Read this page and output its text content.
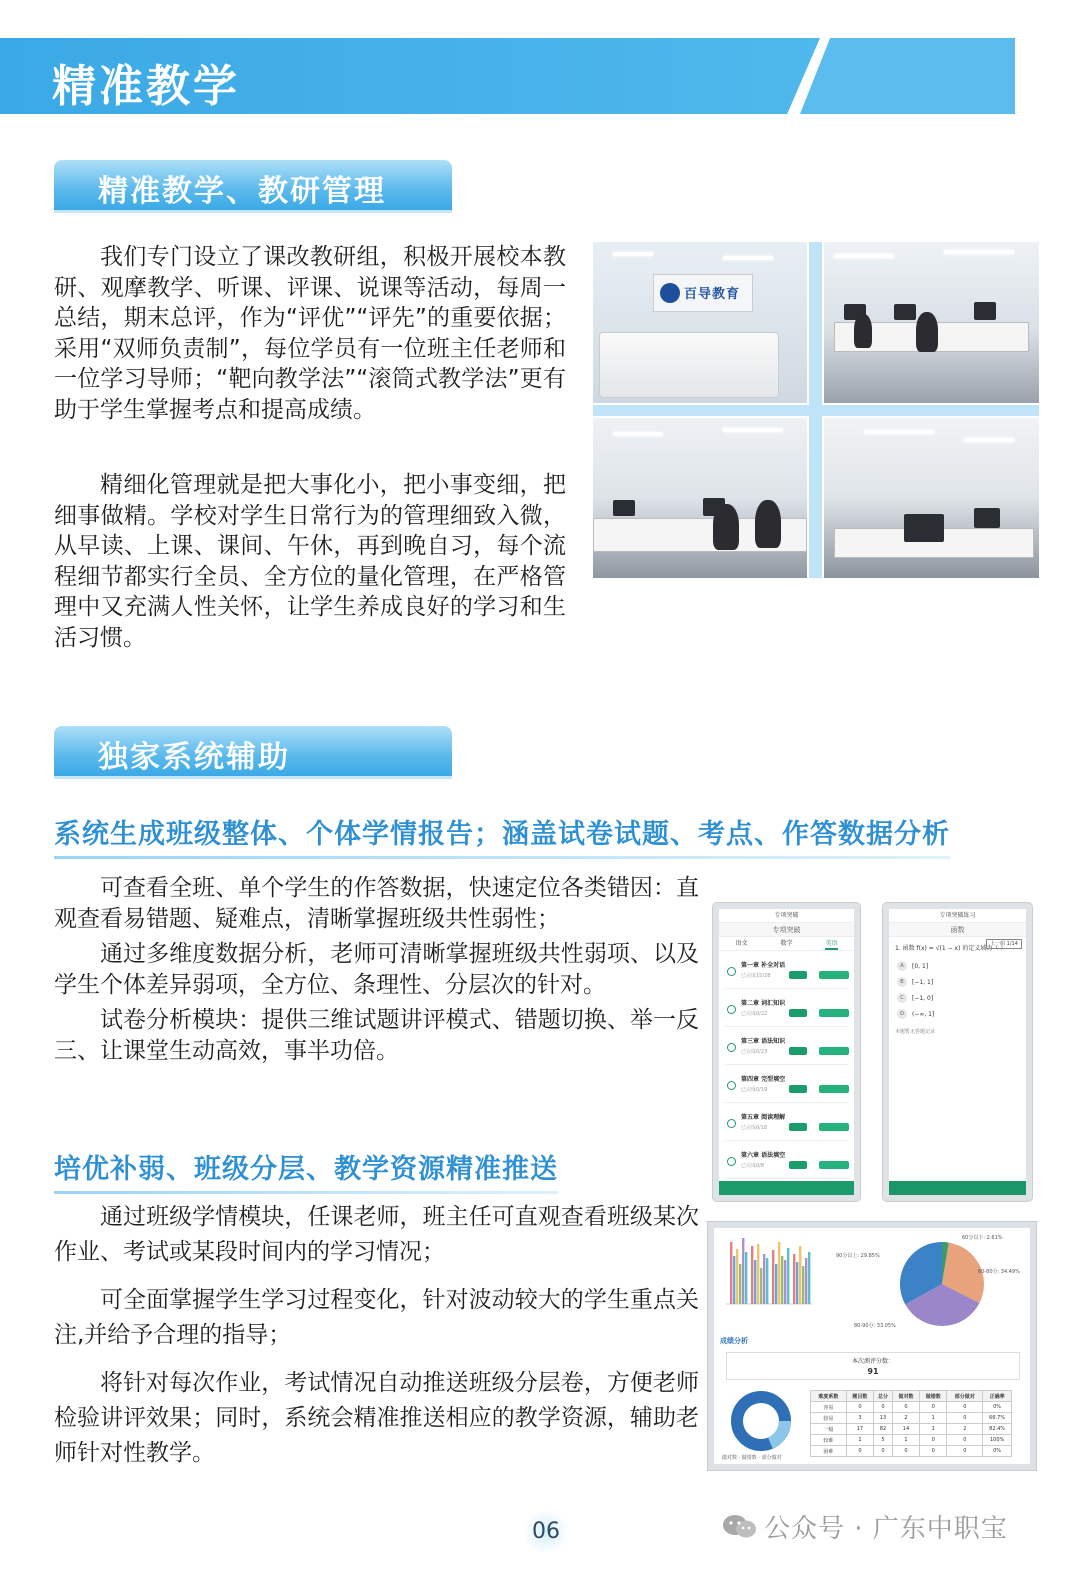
精准教学
精准教学、教研管理

我们专门设立了课改教研组，积极开展校本教研、观摩教学、听课、评课、说课等活动，每周一总结，期末总评，作为“评优”“评先”的重要依据；采用“双师负责制”，每位学员有一位班主任老师和一位学习导师；“靶向教学法”“滚筒式教学法”更有助于学生掌握考点和提高成绩。

精细化管理就是把大事化小，把小事变细，把细事做精。学校对学生日常行为的管理细致入微，从早读、上课、课间、午休，再到晚自习，每个流程细节都实行全员、全方位的量化管理，在严格管理中又充满人性关怀，让学生养成良好的学习和生活习惯。

百导教育
独家系统辅助
系统生成班级整体、个体学情报告；涵盖试卷试题、考点、作答数据分析

可查看全班、单个学生的作答数据，快速定位各类错因：直观查看易错题、疑难点，清晰掌握班级共性弱性；

通过多维度数据分析，老师可清晰掌握班级共性弱项、以及学生个体差异弱项，全方位、条理性、分层次的针对。

试卷分析模块：提供三维试题讲评模式、错题切换、举一反三、让课堂生动高效，事半功倍。

培优补弱、班级分层、教学资源精准推送

通过班级学情模块，任课老师，班主任可直观查看班级某次作业、考试或某段时间内的学习情况；

可全面掌握学生学习过程变化，针对波动较大的学生重点关注,并给予合理的指导；

将针对每次作业，考试情况自动推送班级分层卷，方便老师检验讲评效果；同时，系统会精准推送相应的教学资源，辅助老师针对性教学。

专项突破
专项突破
语文	数学	英语
第一章 补全对话
已完成15/28
第二章 词汇知识
已完成0/22
第三章 语法知识
已完成0/23
第四章 完型填空
已完成0/19
第五章 阅读理解
已完成0/18
第六章 语法填空
已完成0/8
专项突破练习
函数
上一组 1/14
1. 函数 f(x) = √(1 − x) 的定义域为（ ）
A	[0, 1]
B	[−1, 1]
C	[−1, 0]
D	(−∞, 1]
本题暂无答题记录
60分以下: 2.61%
90分以上: 29.85%
60-80分: 34.49%
80-90分: 33.05%
成绩分析
本次测评分数：
91
做对数 · 做错数 · 部分做对
难度系数	题目数	总分	做对数	做错数	部分做对	正确率
容易	0	0	0	0	0	0%
较易	3	13	2	1	0	66.7%
一般	17	82	14	1	2	82.4%
较难	1	5	1	0	0	100%
困难	0	0	0	0	0	0%
06	公众号 · 广东中职宝
